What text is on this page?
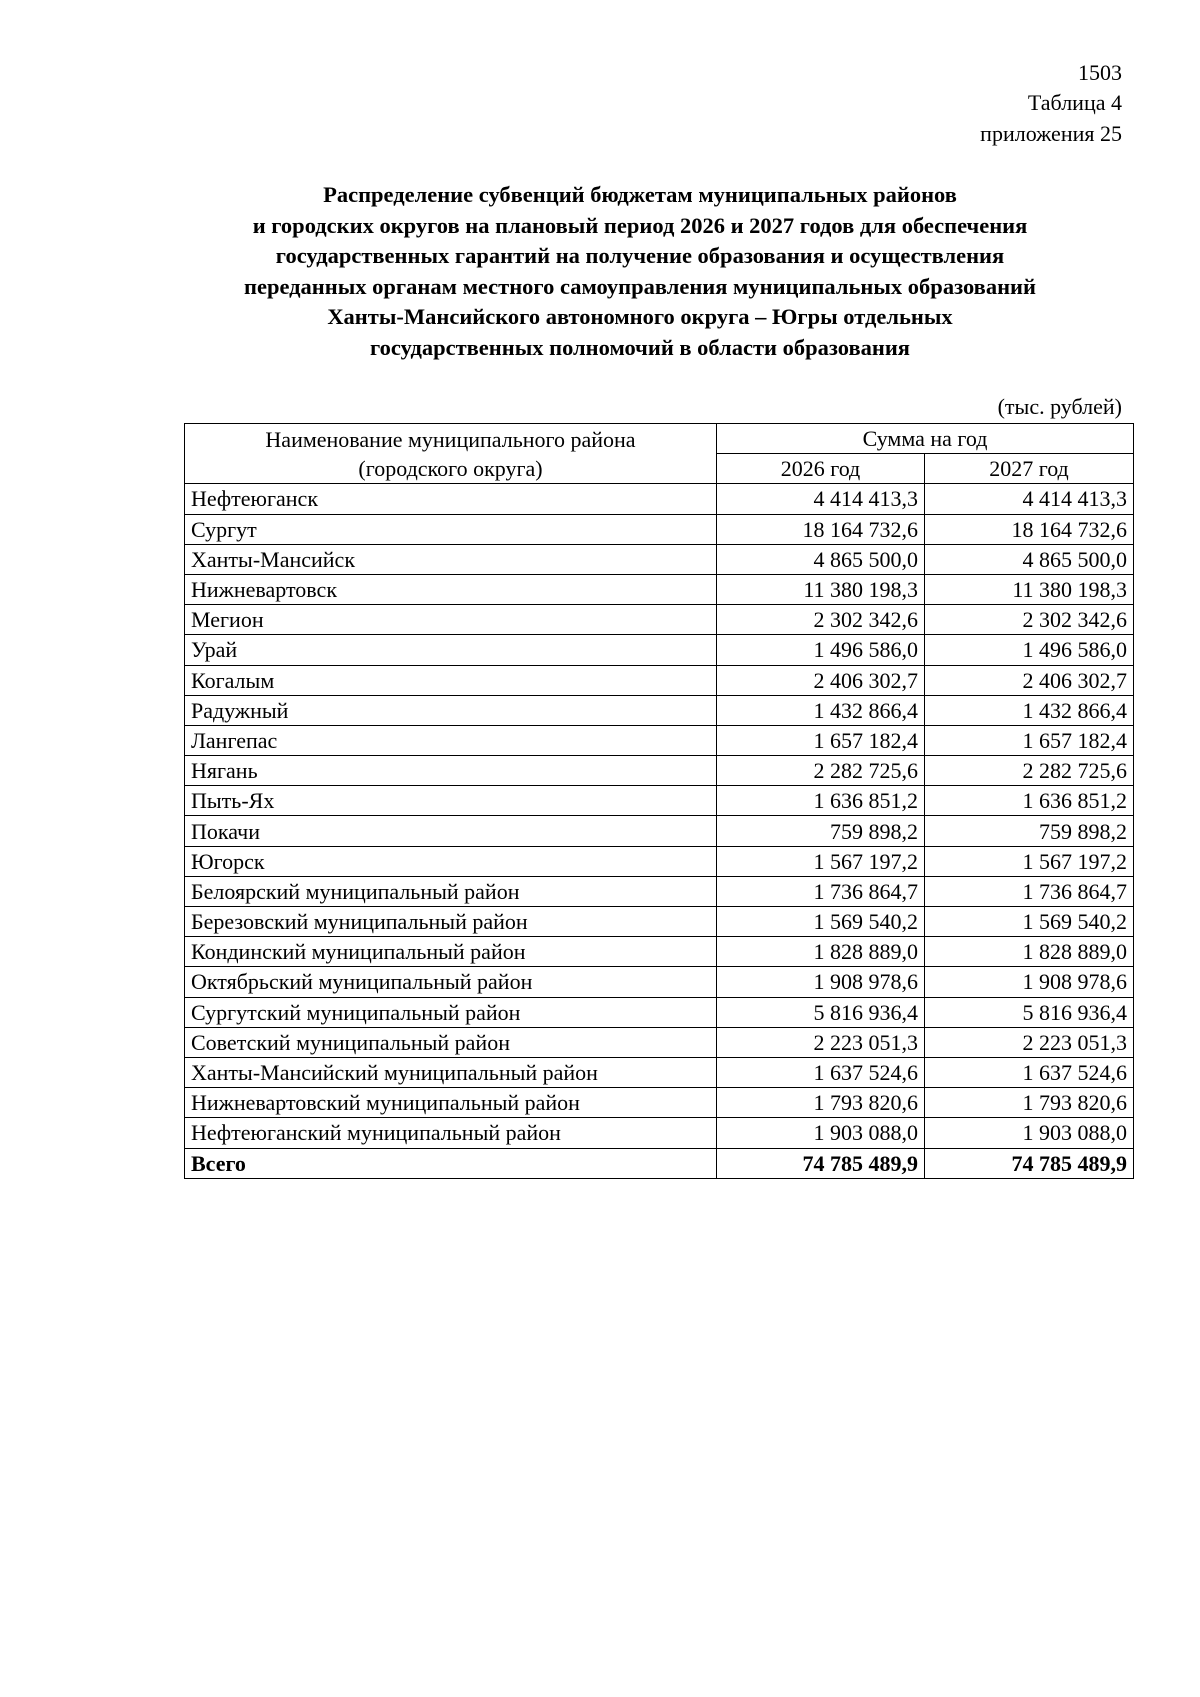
1503
Таблица 4
приложения 25
Распределение субвенций бюджетам муниципальных районов
и городских округов на плановый период 2026 и 2027 годов для обеспечения
государственных гарантий на получение образования и осуществления
переданных органам местного самоуправления муниципальных образований
Ханты-Мансийского автономного округа – Югры отдельных
государственных полномочий в области образования
(тыс. рублей)
Наименование муниципального района
(городского округа)	Сумма на год	
	2026 год	2027 год
Нефтеюганск	4 414 413,3	4 414 413,3
Сургут	18 164 732,6	18 164 732,6
Ханты-Мансийск	4 865 500,0	4 865 500,0
Нижневартовск	11 380 198,3	11 380 198,3
Мегион	2 302 342,6	2 302 342,6
Урай	1 496 586,0	1 496 586,0
Когалым	2 406 302,7	2 406 302,7
Радужный	1 432 866,4	1 432 866,4
Лангепас	1 657 182,4	1 657 182,4
Нягань	2 282 725,6	2 282 725,6
Пыть-Ях	1 636 851,2	1 636 851,2
Покачи	759 898,2	759 898,2
Югорск	1 567 197,2	1 567 197,2
Белоярский муниципальный район	1 736 864,7	1 736 864,7
Березовский муниципальный район	1 569 540,2	1 569 540,2
Кондинский муниципальный район	1 828 889,0	1 828 889,0
Октябрьский муниципальный район	1 908 978,6	1 908 978,6
Сургутский муниципальный район	5 816 936,4	5 816 936,4
Советский муниципальный район	2 223 051,3	2 223 051,3
Ханты-Мансийский муниципальный район	1 637 524,6	1 637 524,6
Нижневартовский муниципальный район	1 793 820,6	1 793 820,6
Нефтеюганский муниципальный район	1 903 088,0	1 903 088,0
Всего	74 785 489,9	74 785 489,9
